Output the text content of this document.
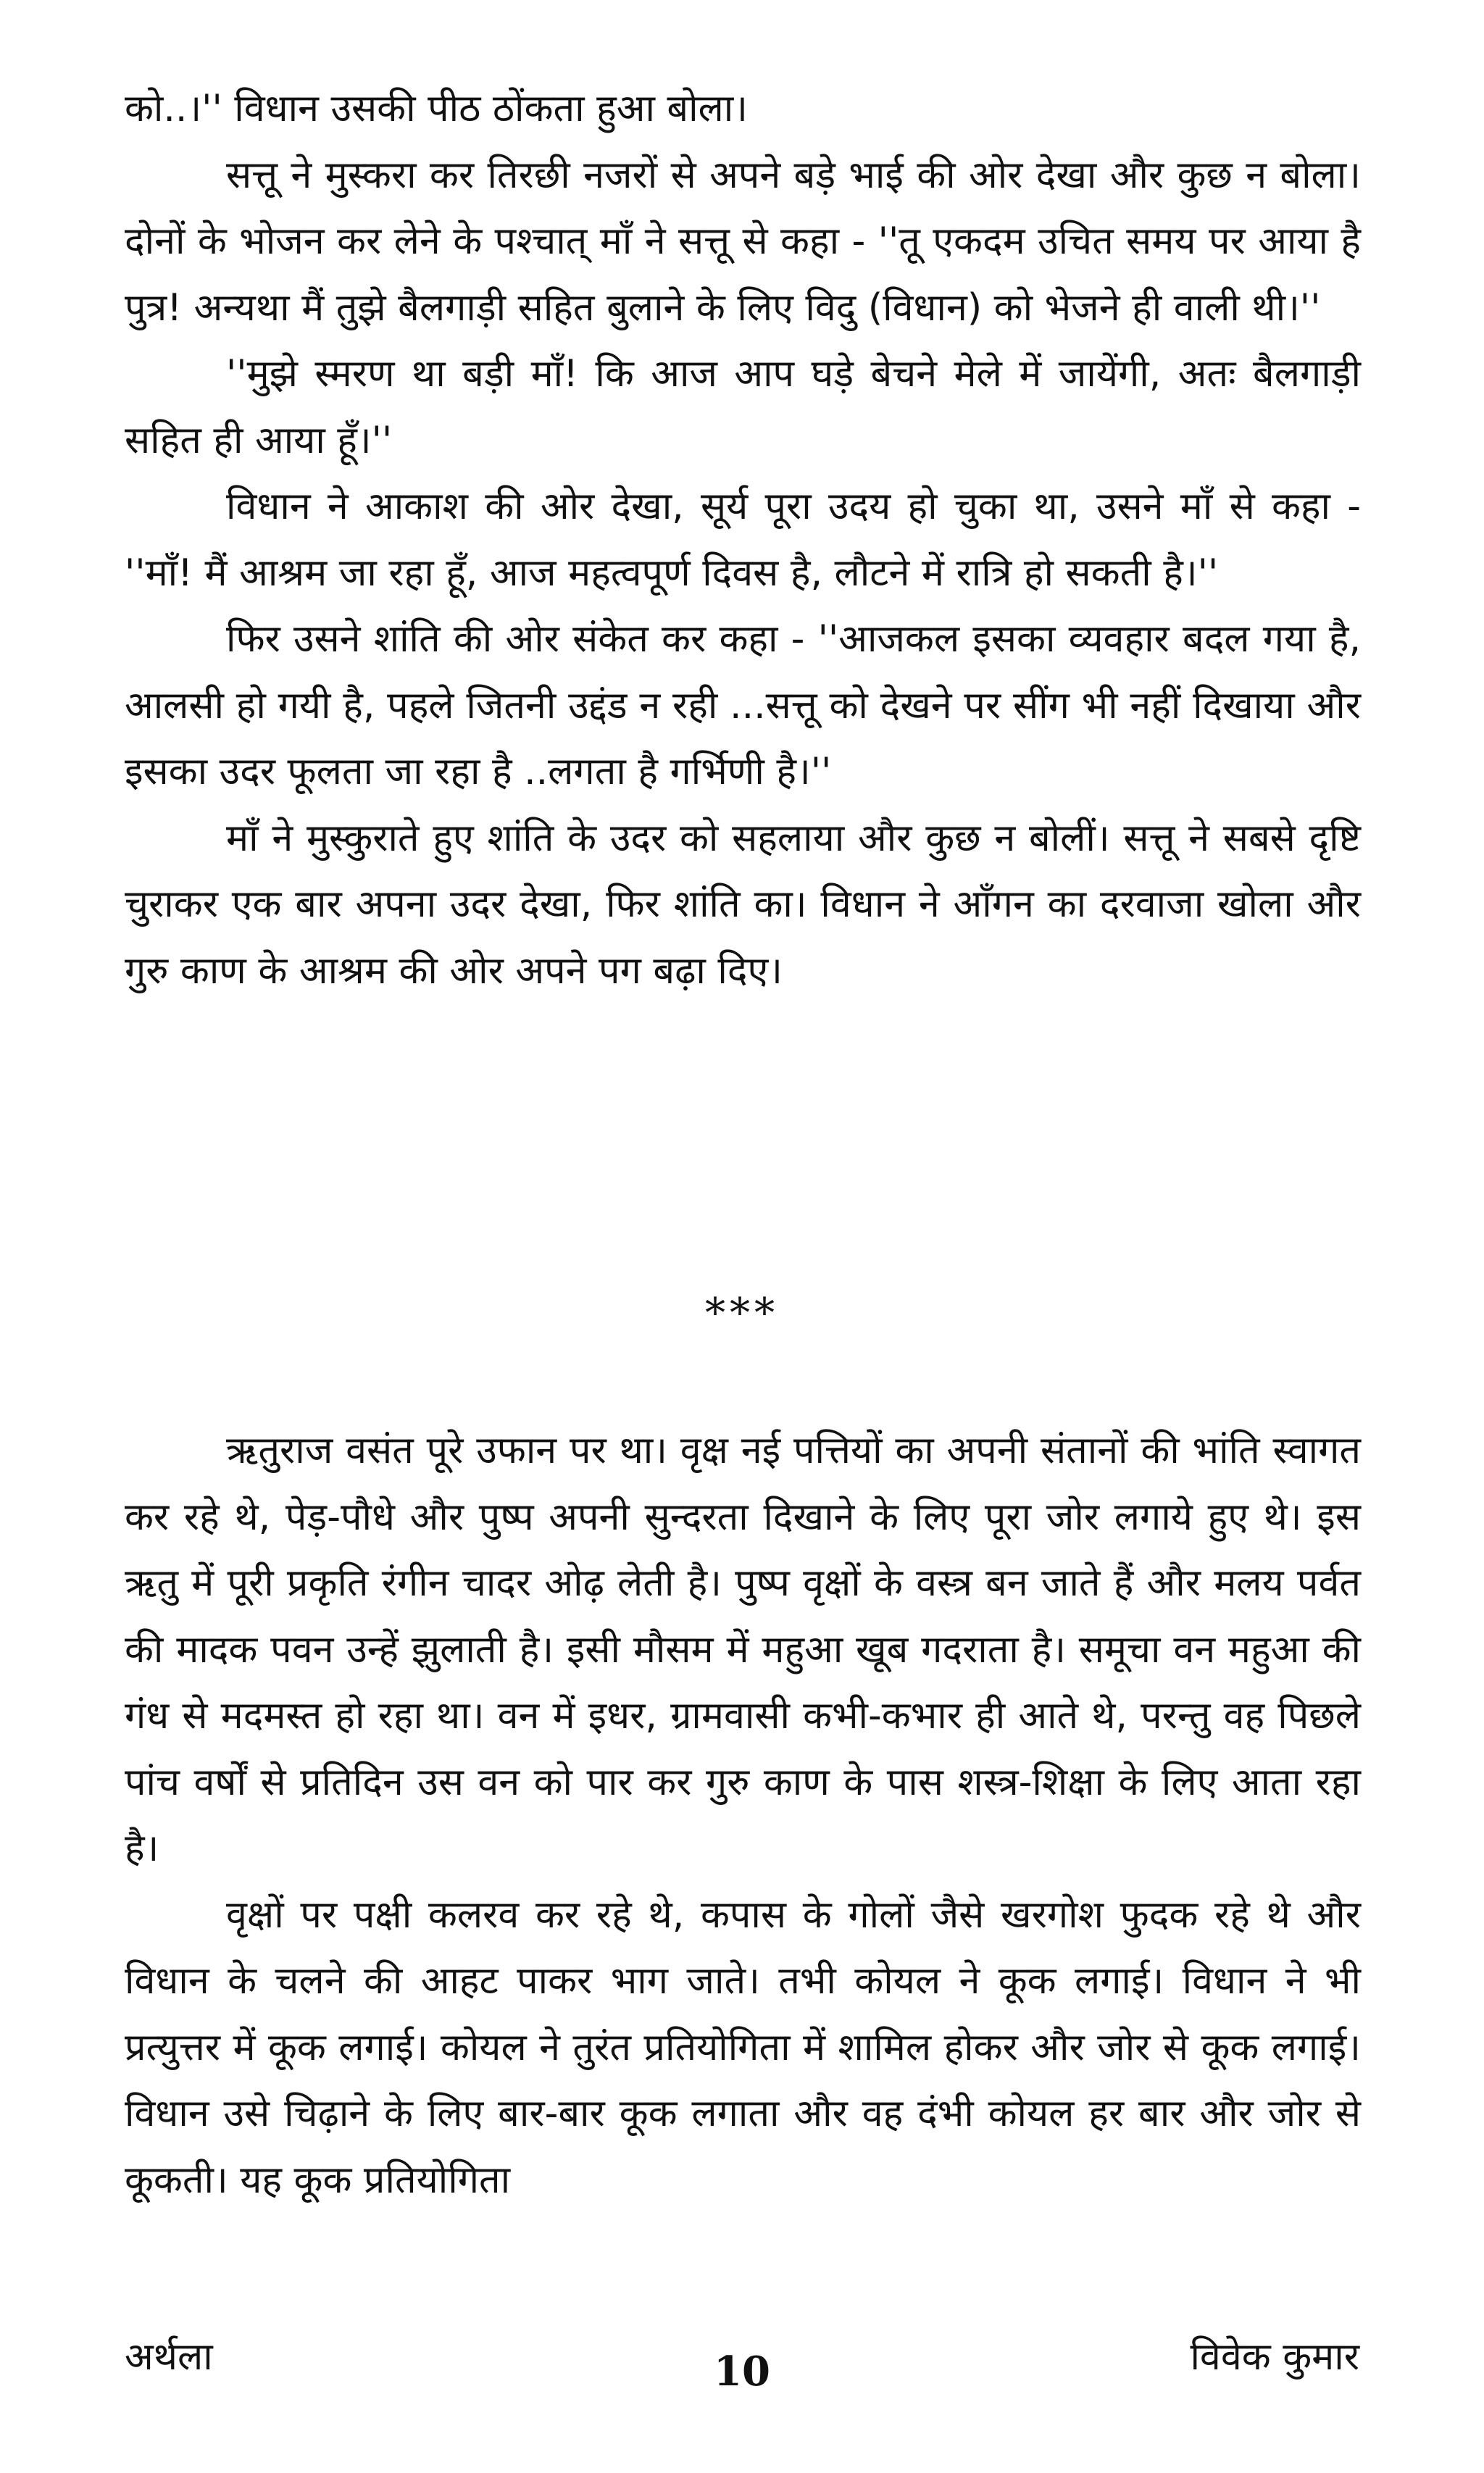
को..।'' विधान उसकी पीठ ठोंकता हुआ बोला।

सत्तू ने मुस्करा कर तिरछी नजरों से अपने बड़े भाई की ओर देखा और कुछ न बोला। दोनों के भोजन कर लेने के पश्चात् माँ ने सत्तू से कहा - ''तू एकदम उचित समय पर आया है पुत्र! अन्यथा मैं तुझे बैलगाड़ी सहित बुलाने के लिए विदु (विधान) को भेजने ही वाली थी।''

''मुझे स्मरण था बड़ी माँ! कि आज आप घड़े बेचने मेले में जायेंगी, अतः बैलगाड़ी सहित ही आया हूँ।''

विधान ने आकाश की ओर देखा, सूर्य पूरा उदय हो चुका था, उसने माँ से कहा - ''माँ! मैं आश्रम जा रहा हूँ, आज महत्वपूर्ण दिवस है, लौटने में रात्रि हो सकती है।''

फिर उसने शांति की ओर संकेत कर कहा - ''आजकल इसका व्यवहार बदल गया है, आलसी हो गयी है, पहले जितनी उद्दंड न रही ...सत्तू को देखने पर सींग भी नहीं दिखाया और इसका उदर फूलता जा रहा है ..लगता है गर्भिणी है।''

माँ ने मुस्कुराते हुए शांति के उदर को सहलाया और कुछ न बोलीं। सत्तू ने सबसे दृष्टि चुराकर एक बार अपना उदर देखा, फिर शांति का। विधान ने आँगन का दरवाजा खोला और गुरु काण के आश्रम की ओर अपने पग बढ़ा दिए।

***

ऋतुराज वसंत पूरे उफान पर था। वृक्ष नई पत्तियों का अपनी संतानों की भांति स्वागत कर रहे थे, पेड़-पौधे और पुष्प अपनी सुन्दरता दिखाने के लिए पूरा जोर लगाये हुए थे। इस ऋतु में पूरी प्रकृति रंगीन चादर ओढ़ लेती है। पुष्प वृक्षों के वस्त्र बन जाते हैं और मलय पर्वत की मादक पवन उन्हें झुलाती है। इसी मौसम में महुआ खूब गदराता है। समूचा वन महुआ की गंध से मदमस्त हो रहा था। वन में इधर, ग्रामवासी कभी-कभार ही आते थे, परन्तु वह पिछले पांच वर्षों से प्रतिदिन उस वन को पार कर गुरु काण के पास शस्त्र-शिक्षा के लिए आता रहा है।

वृक्षों पर पक्षी कलरव कर रहे थे, कपास के गोलों जैसे खरगोश फुदक रहे थे और विधान के चलने की आहट पाकर भाग जाते। तभी कोयल ने कूक लगाई। विधान ने भी प्रत्युत्तर में कूक लगाई। कोयल ने तुरंत प्रतियोगिता में शामिल होकर और जोर से कूक लगाई। विधान उसे चिढ़ाने के लिए बार-बार कूक लगाता और वह दंभी कोयल हर बार और जोर से कूकती। यह कूक प्रतियोगिता

अर्थला	10	विवेक कुमार
